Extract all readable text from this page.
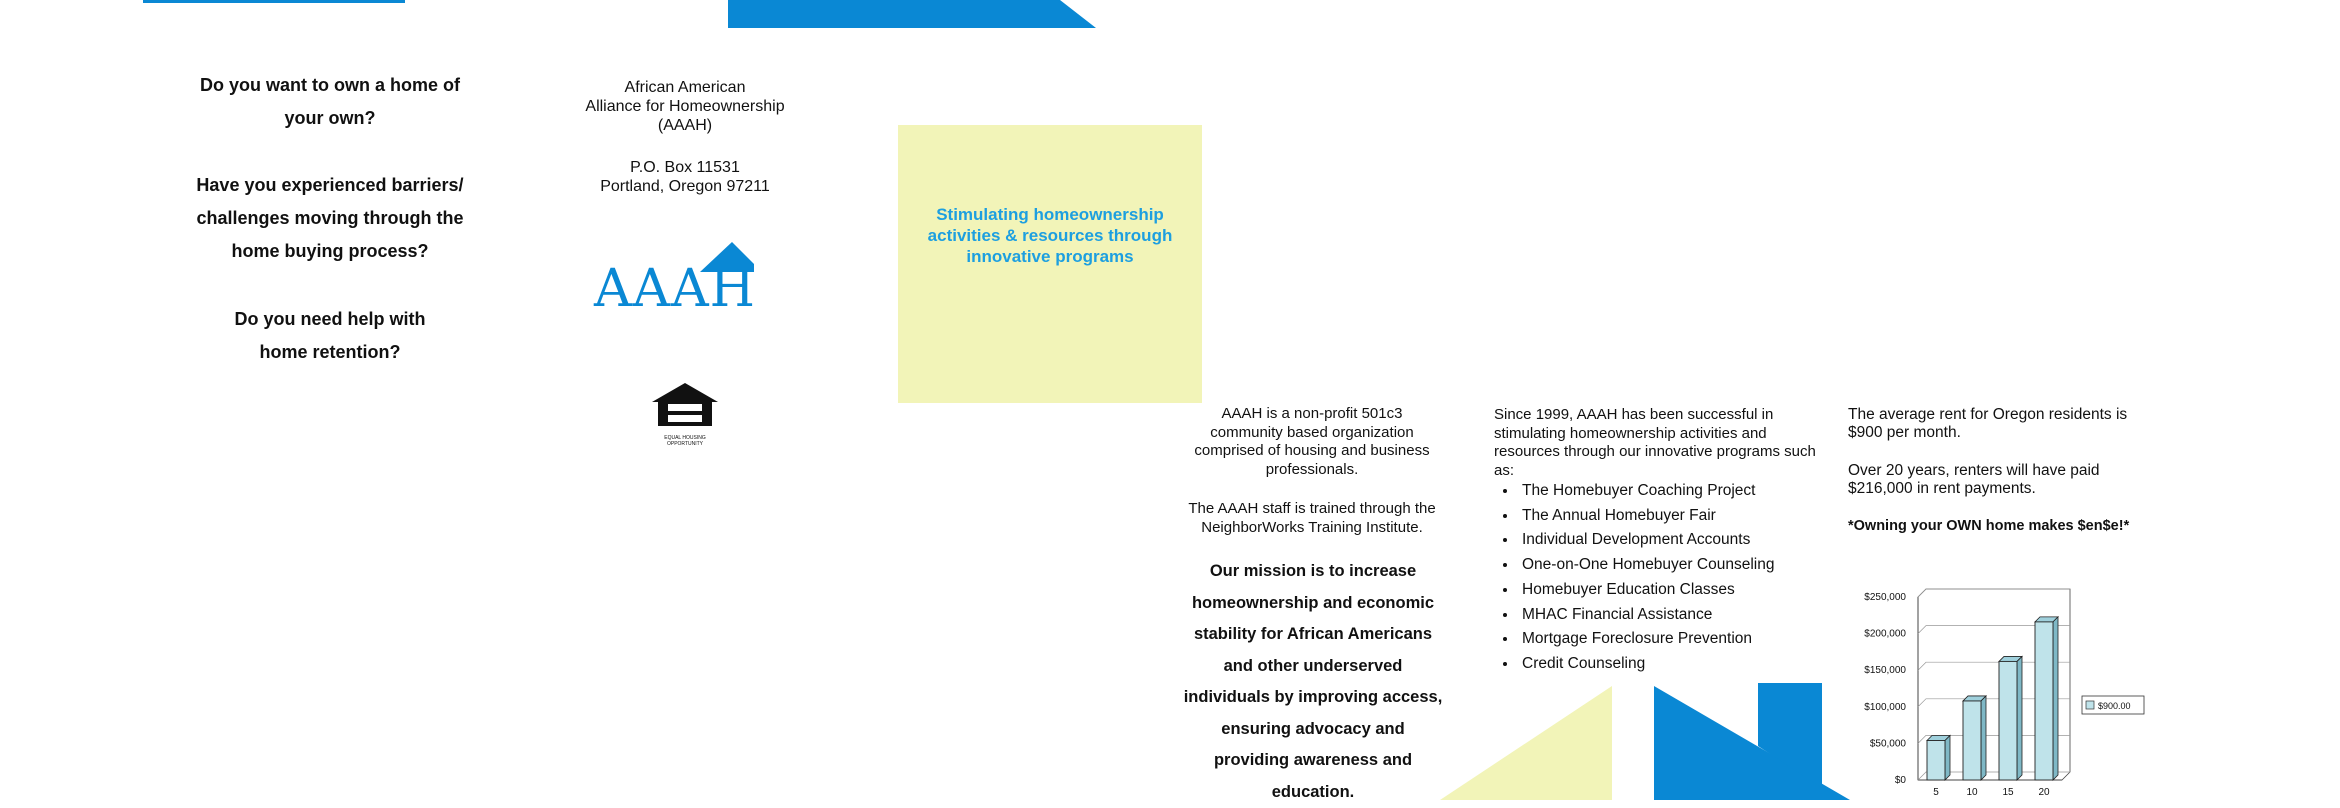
Do you want to own a home of your own?
Have you experienced barriers/ challenges moving through the home buying process?
Do you need help with home retention?
African American
Alliance for Homeownership
(AAAH)
P.O. Box 11531
Portland, Oregon 97211
AAAH
EQUAL HOUSING
OPPORTUNITY
Stimulating homeownership activities & resources through innovative programs
AAAH is a non-profit 501c3 community based organization comprised of housing and business professionals.
The AAAH staff is trained through the NeighborWorks Training Institute.
Our mission is to increase homeownership and economic stability for African Americans and other underserved individuals by improving access, ensuring advocacy and providing awareness and education.
Since 1999, AAAH has been successful in stimulating homeownership activities and resources through our innovative programs such as:
• The Homebuyer Coaching Project
• The Annual Homebuyer Fair
• Individual Development Accounts
• One-on-One Homebuyer Counseling
• Homebuyer Education Classes
• MHAC Financial Assistance
• Mortgage Foreclosure Prevention
• Credit Counseling
The average rent for Oregon residents is $900 per month.
Over 20 years, renters will have paid $216,000 in rent payments.
*Owning your OWN home makes $en$e!*
$250,000
$200,000
$150,000
$100,000
$50,000
$0
5	10 15 20
$900.00
